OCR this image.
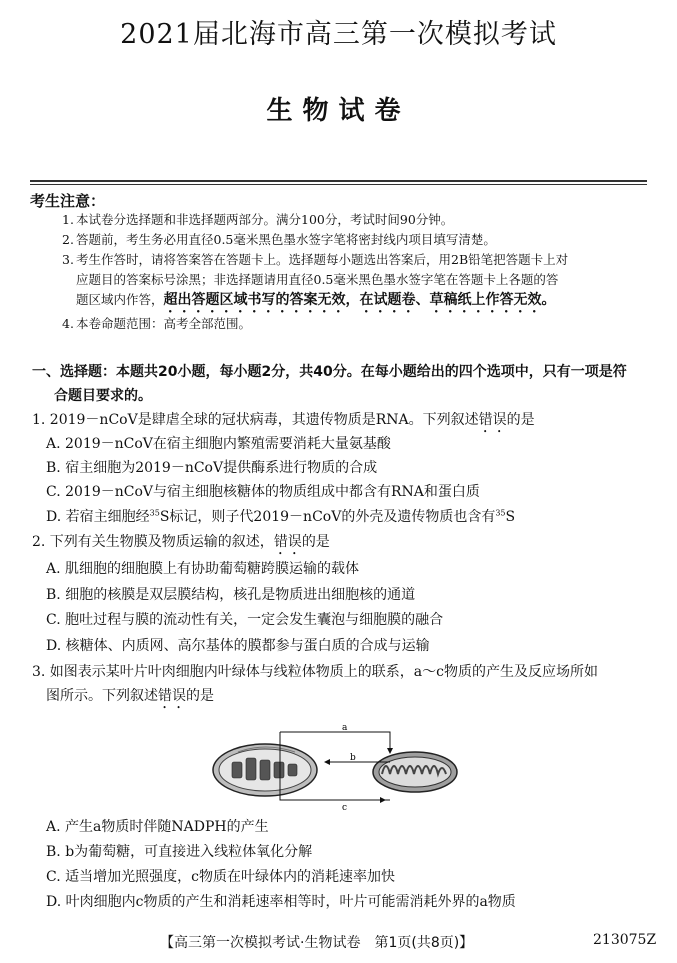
2021届北海市高三第一次模拟考试
生物试卷
考生注意：
1. 本试卷分选择题和非选择题两部分。满分100分，考试时间90分钟。
2. 答题前，考生务必用直径0.5毫米黑色墨水签字笔将密封线内项目填写清楚。
3. 考生作答时，请将答案答在答题卡上。选择题每小题选出答案后，用2B铅笔把答题卡上对
应题目的答案标号涂黑；非选择题请用直径0.5毫米黑色墨水签字笔在答题卡上各题的答
题区域内作答，超出答题区域书写的答案无效，在试题卷、草稿纸上作答无效。
4. 本卷命题范围：高考全部范围。
一、选择题：本题共20小题，每小题2分，共40分。在每小题给出的四个选项中，只有一项是符
合题目要求的。
1. 2019－nCoV是肆虐全球的冠状病毒，其遗传物质是RNA。下列叙述错误的是
A. 2019－nCoV在宿主细胞内繁殖需要消耗大量氨基酸
B. 宿主细胞为2019－nCoV提供酶系进行物质的合成
C. 2019－nCoV与宿主细胞核糖体的物质组成中都含有RNA和蛋白质
D. 若宿主细胞经$^{35}$S标记，则子代2019－nCoV的外壳及遗传物质也含有$^{35}$S
2. 下列有关生物膜及物质运输的叙述，错误的是
A. 肌细胞的细胞膜上有协助葡萄糖跨膜运输的载体
B. 细胞的核膜是双层膜结构，核孔是物质进出细胞核的通道
C. 胞吐过程与膜的流动性有关，一定会发生囊泡与细胞膜的融合
D. 核糖体、内质网、高尔基体的膜都参与蛋白质的合成与运输
3. 如图表示某叶片叶肉细胞内叶绿体与线粒体物质上的联系，a～c物质的产生及反应场所如
图所示。下列叙述错误的是
a
b
c
A. 产生a物质时伴随NADPH的产生
B. b为葡萄糖，可直接进入线粒体氧化分解
C. 适当增加光照强度，c物质在叶绿体内的消耗速率加快
D. 叶肉细胞内c物质的产生和消耗速率相等时，叶片可能需消耗外界的a物质
【高三第一次模拟考试·生物试卷　第1页(共8页)】	213075Z
